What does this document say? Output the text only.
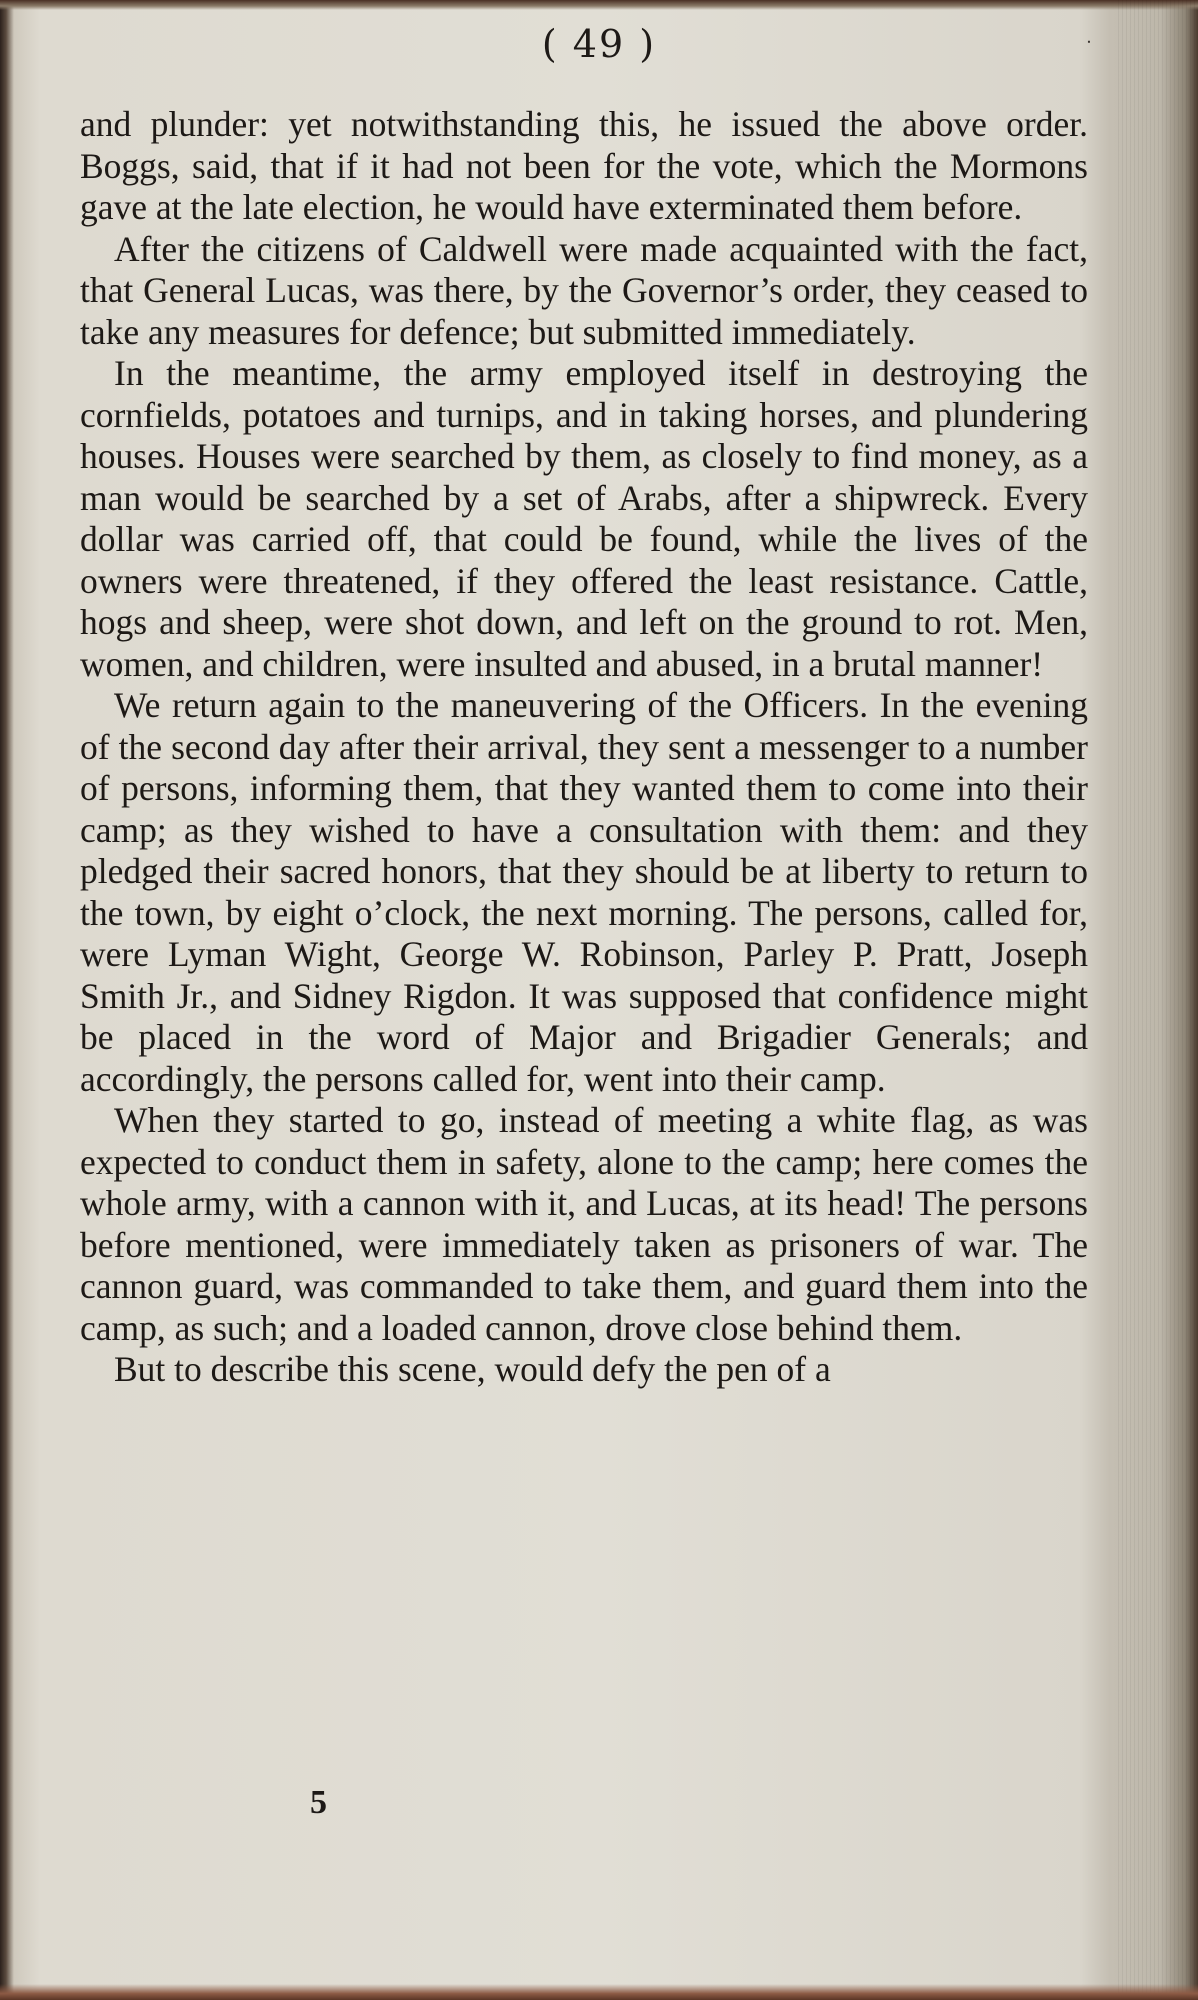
( 49 )	ᐧ

and plunder: yet notwithstanding this, he issued the above order. Boggs, said, that if it had not been for the vote, which the Mormons gave at the late election, he would have exterminated them before.

After the citizens of Caldwell were made acquainted with the fact, that General Lucas, was there, by the Governor’s order, they ceased to take any measures for defence; but submitted immediately.

In the meantime, the army employed itself in destroying the cornfields, potatoes and turnips, and in taking horses, and plundering houses. Houses were searched by them, as closely to find money, as a man would be searched by a set of Arabs, after a shipwreck. Every dollar was carried off, that could be found, while the lives of the owners were threatened, if they offered the least resistance. Cattle, hogs and sheep, were shot down, and left on the ground to rot. Men, women, and children, were insulted and abused, in a brutal manner!

We return again to the maneuvering of the Officers. In the evening of the second day after their arrival, they sent a messenger to a number of persons, informing them, that they wanted them to come into their camp; as they wished to have a consultation with them: and they pledged their sacred honors, that they should be at liberty to return to the town, by eight o’clock, the next morning. The persons, called for, were Lyman Wight, George W. Robinson, Parley P. Pratt, Joseph Smith Jr., and Sidney Rigdon. It was supposed that confidence might be placed in the word of Major and Brigadier Generals; and accordingly, the persons called for, went into their camp.

When they started to go, instead of meeting a white flag, as was expected to conduct them in safety, alone to the camp; here comes the whole army, with a cannon with it, and Lucas, at its head! The persons before mentioned, were immediately taken as prisoners of war. The cannon guard, was commanded to take them, and guard them into the camp, as such; and a loaded cannon, drove close behind them.

But to describe this scene, would defy the pen of a

5
